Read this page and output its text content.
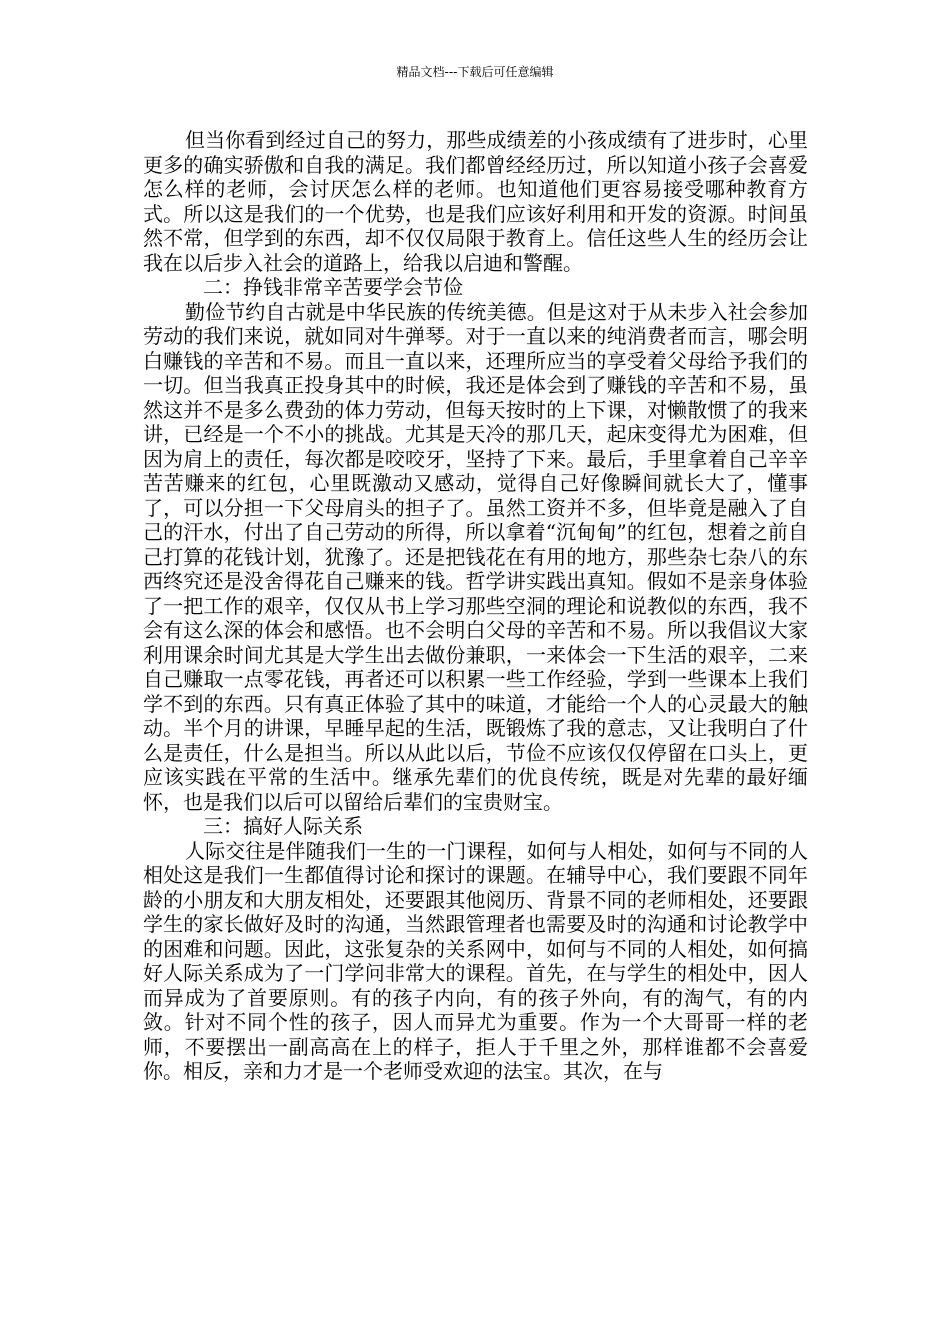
精品文档---下载后可任意编辑

但当你看到经过自己的努力，那些成绩差的小孩成绩有了进步时，心里更多的确实骄傲和自我的满足。我们都曾经经历过，所以知道小孩子会喜爱怎么样的老师，会讨厌怎么样的老师。也知道他们更容易接受哪种教育方式。所以这是我们的一个优势，也是我们应该好利用和开发的资源。时间虽然不常，但学到的东西，却不仅仅局限于教育上。信任这些人生的经历会让我在以后步入社会的道路上，给我以启迪和警醒。

二：挣钱非常辛苦要学会节俭

勤俭节约自古就是中华民族的传统美德。但是这对于从未步入社会参加劳动的我们来说，就如同对牛弹琴。对于一直以来的纯消费者而言，哪会明白赚钱的辛苦和不易。而且一直以来，还理所应当的享受着父母给予我们的一切。但当我真正投身其中的时候，我还是体会到了赚钱的辛苦和不易，虽然这并不是多么费劲的体力劳动，但每天按时的上下课，对懒散惯了的我来讲，已经是一个不小的挑战。尤其是天冷的那几天，起床变得尤为困难，但因为肩上的责任，每次都是咬咬牙，坚持了下来。最后，手里拿着自己辛辛苦苦赚来的红包，心里既激动又感动，觉得自己好像瞬间就长大了，懂事了，可以分担一下父母肩头的担子了。虽然工资并不多，但毕竟是融入了自己的汗水，付出了自己劳动的所得，所以拿着“沉甸甸”的红包，想着之前自己打算的花钱计划，犹豫了。还是把钱花在有用的地方，那些杂七杂八的东西终究还是没舍得花自己赚来的钱。哲学讲实践出真知。假如不是亲身体验了一把工作的艰辛，仅仅从书上学习那些空洞的理论和说教似的东西，我不会有这么深的体会和感悟。也不会明白父母的辛苦和不易。所以我倡议大家利用课余时间尤其是大学生出去做份兼职，一来体会一下生活的艰辛，二来自己赚取一点零花钱，再者还可以积累一些工作经验，学到一些课本上我们学不到的东西。只有真正体验了其中的味道，才能给一个人的心灵最大的触动。半个月的讲课，早睡早起的生活，既锻炼了我的意志，又让我明白了什么是责任，什么是担当。所以从此以后，节俭不应该仅仅停留在口头上，更应该实践在平常的生活中。继承先辈们的优良传统，既是对先辈的最好缅怀，也是我们以后可以留给后辈们的宝贵财宝。

三：搞好人际关系

人际交往是伴随我们一生的一门课程，如何与人相处，如何与不同的人相处这是我们一生都值得讨论和探讨的课题。在辅导中心，我们要跟不同年龄的小朋友和大朋友相处，还要跟其他阅历、背景不同的老师相处，还要跟学生的家长做好及时的沟通，当然跟管理者也需要及时的沟通和讨论教学中的困难和问题。因此，这张复杂的关系网中，如何与不同的人相处，如何搞好人际关系成为了一门学问非常大的课程。首先，在与学生的相处中，因人而异成为了首要原则。有的孩子内向，有的孩子外向，有的淘气，有的内敛。针对不同个性的孩子，因人而异尤为重要。作为一个大哥哥一样的老师，不要摆出一副高高在上的样子，拒人于千里之外，那样谁都不会喜爱你。相反，亲和力才是一个老师受欢迎的法宝。其次，在与
